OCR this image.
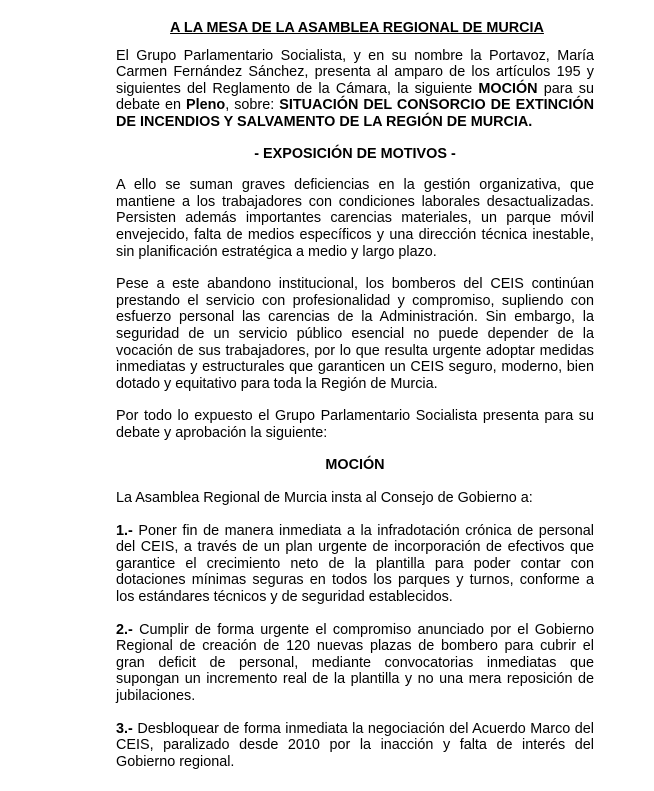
A LA MESA DE LA ASAMBLEA REGIONAL DE MURCIA

El Grupo Parlamentario Socialista, y en su nombre la Portavoz, María Carmen Fernández Sánchez, presenta al amparo de los artículos 195 y siguientes del Reglamento de la Cámara, la siguiente MOCIÓN para su debate en Pleno, sobre: SITUACIÓN DEL CONSORCIO DE EXTINCIÓN DE INCENDIOS Y SALVAMENTO DE LA REGIÓN DE MURCIA.

- EXPOSICIÓN DE MOTIVOS -

A ello se suman graves deficiencias en la gestión organizativa, que mantiene a los trabajadores con condiciones laborales desactualizadas. Persisten además importantes carencias materiales, un parque móvil envejecido, falta de medios específicos y una dirección técnica inestable, sin planificación estratégica a medio y largo plazo.

Pese a este abandono institucional, los bomberos del CEIS continúan prestando el servicio con profesionalidad y compromiso, supliendo con esfuerzo personal las carencias de la Administración. Sin embargo, la seguridad de un servicio público esencial no puede depender de la vocación de sus trabajadores, por lo que resulta urgente adoptar medidas inmediatas y estructurales que garanticen un CEIS seguro, moderno, bien dotado y equitativo para toda la Región de Murcia.

Por todo lo expuesto el Grupo Parlamentario Socialista presenta para su debate y aprobación la siguiente:

MOCIÓN

La Asamblea Regional de Murcia insta al Consejo de Gobierno a:

1.- Poner fin de manera inmediata a la infradotación crónica de personal del CEIS, a través de un plan urgente de incorporación de efectivos que garantice el crecimiento neto de la plantilla para poder contar con dotaciones mínimas seguras en todos los parques y turnos, conforme a los estándares técnicos y de seguridad establecidos.

2.- Cumplir de forma urgente el compromiso anunciado por el Gobierno Regional de creación de 120 nuevas plazas de bombero para cubrir el gran deficit de personal, mediante convocatorias inmediatas que supongan un incremento real de la plantilla y no una mera reposición de jubilaciones.

3.- Desbloquear de forma inmediata la negociación del Acuerdo Marco del CEIS, paralizado desde 2010 por la inacción y falta de interés del Gobierno regional.
